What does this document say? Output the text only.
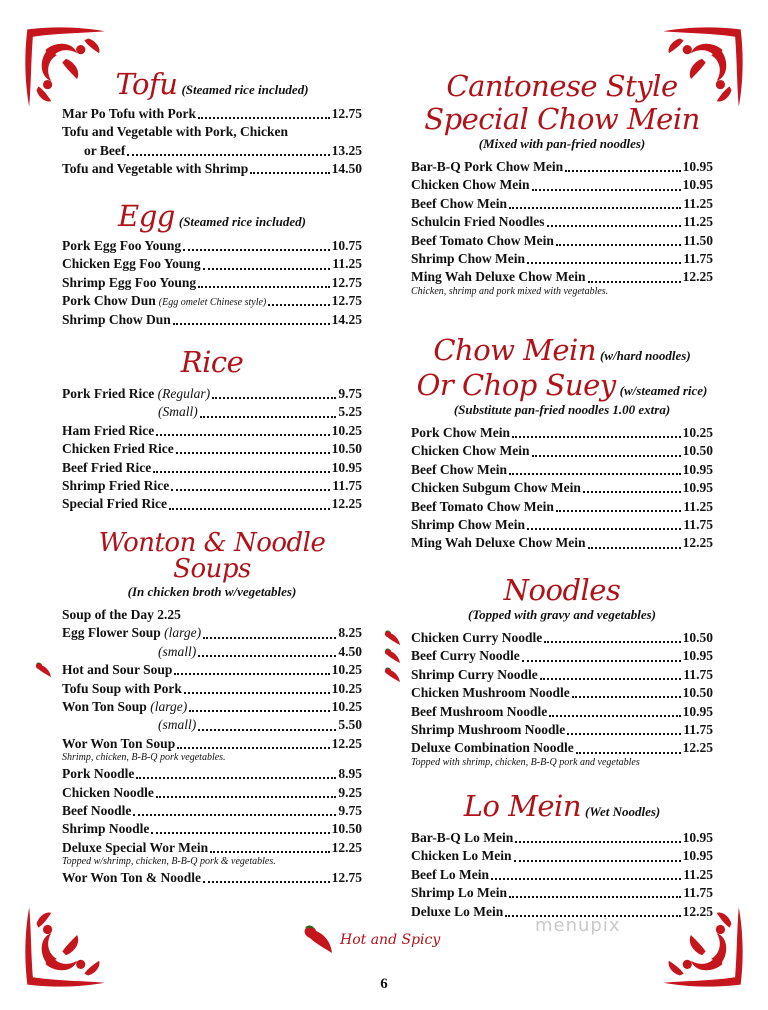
Tofu (Steamed rice included)
Mar Po Tofu with Pork	12.75
Tofu and Vegetable with Pork, Chicken
or Beef	13.25
Tofu and Vegetable with Shrimp	14.50
Egg (Steamed rice included)
Pork Egg Foo Young	10.75
Chicken Egg Foo Young	11.25
Shrimp Egg Foo Young	12.75
Pork Chow Dun (Egg omelet Chinese style)	12.75
Shrimp Chow Dun	14.25
Rice
Pork Fried Rice (Regular)	9.75
(Small)	5.25
Ham Fried Rice	10.25
Chicken Fried Rice	10.50
Beef Fried Rice	10.95
Shrimp Fried Rice	11.75
Special Fried Rice	12.25
Wonton & Noodle Soups
(In chicken broth w/vegetables)
Soup of the Day 2.25
Egg Flower Soup (large)	8.25
(small)	4.50
Hot and Sour Soup	10.25
Tofu Soup with Pork	10.25
Won Ton Soup (large)	10.25
(small)	5.50
Wor Won Ton Soup	12.25
Shrimp, chicken, B-B-Q pork vegetables.
Pork Noodle	8.95
Chicken Noodle	9.25
Beef Noodle	9.75
Shrimp Noodle	10.50
Deluxe Special Wor Mein	12.25
Topped w/shrimp, chicken, B-B-Q pork & vegetables.
Wor Won Ton & Noodle	12.75
Cantonese Style
Special Chow Mein
(Mixed with pan-fried noodles)
Bar-B-Q Pork Chow Mein	10.95
Chicken Chow Mein	10.95
Beef Chow Mein	11.25
Schulcin Fried Noodles	11.25
Beef Tomato Chow Mein	11.50
Shrimp Chow Mein	11.75
Ming Wah Deluxe Chow Mein	12.25
Chicken, shrimp and pork mixed with vegetables.
Chow Mein (w/hard noodles)
Or Chop Suey (w/steamed rice)
(Substitute pan-fried noodles 1.00 extra)
Pork Chow Mein	10.25
Chicken Chow Mein	10.50
Beef Chow Mein	10.95
Chicken Subgum Chow Mein	10.95
Beef Tomato Chow Mein	11.25
Shrimp Chow Mein	11.75
Ming Wah Deluxe Chow Mein	12.25
Noodles
(Topped with gravy and vegetables)
Chicken Curry Noodle	10.50
Beef Curry Noodle	10.95
Shrimp Curry Noodle	11.75
Chicken Mushroom Noodle	10.50
Beef Mushroom Noodle	10.95
Shrimp Mushroom Noodle	11.75
Deluxe Combination Noodle	12.25
Topped with shrimp, chicken, B-B-Q pork and vegetables
Lo Mein (Wet Noodles)
Bar-B-Q Lo Mein	10.95
Chicken Lo Mein	10.95
Beef Lo Mein	11.25
Shrimp Lo Mein	11.75
Deluxe Lo Mein	12.25
Hot and Spicy
menupix
6
